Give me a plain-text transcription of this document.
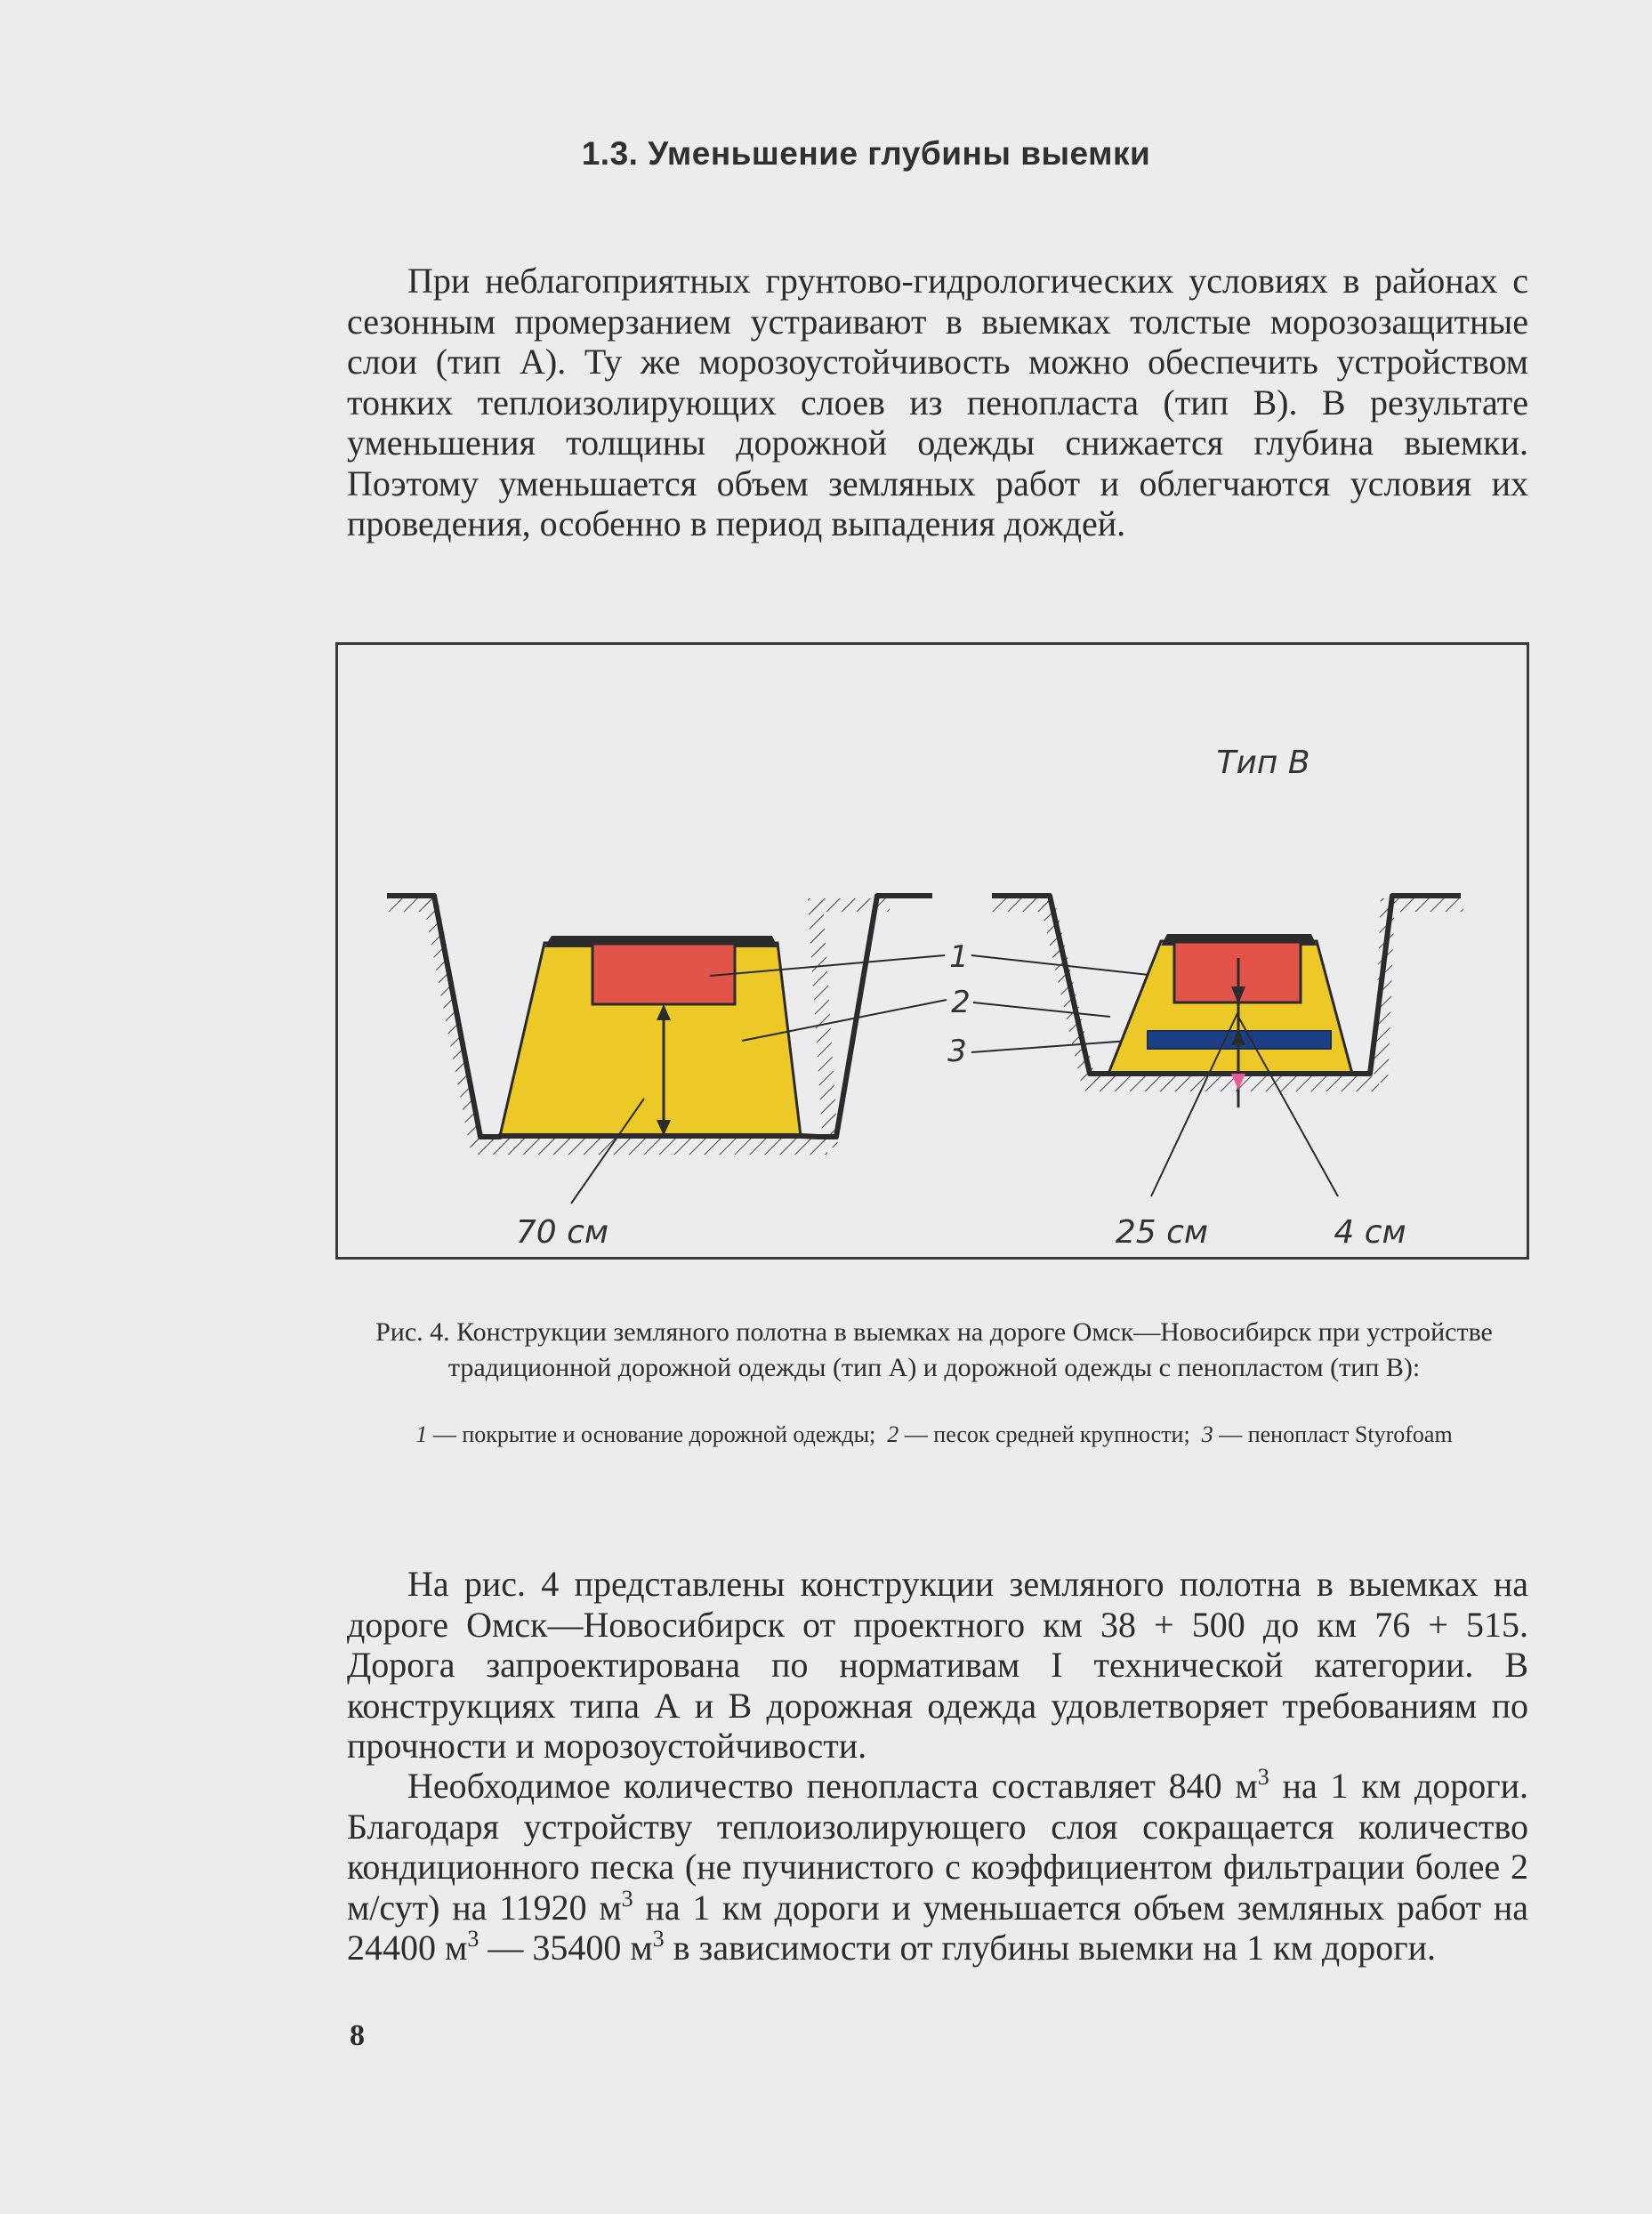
1.3. Уменьшение глубины выемки

При неблагоприятных грунтово-гидрологических условиях в районах с сезонным промерзанием устраивают в выемках толстые морозозащитные слои (тип А). Ту же морозоустойчивость можно обеспечить устройством тонких теплоизолирующих слоев из пенопласта (тип В). В результате уменьшения толщины дорожной одежды снижается глубина выемки. Поэтому уменьшается объем земляных работ и облегчаются условия их проведения, особенно в период выпадения дождей.

70 см
1
2
3
Тип В
25 см	4 см

Рис. 4. Конструкции земляного полотна в выемках на дороге Омск—Новосибирск при устройстве традиционной дорожной одежды (тип А) и дорожной одежды с пенопластом (тип В):

1 — покрытие и основание дорожной одежды; 2 — песок средней крупности; 3 — пенопласт Styrofoam

На рис. 4 представлены конструкции земляного полотна в выемках на дороге Омск—Новосибирск от проектного км 38 + 500 до км 76 + 515. Дорога запроектирована по нормативам I технической категории. В конструкциях типа А и В дорожная одежда удовлетворяет требованиям по прочности и морозоустойчивости.

Необходимое количество пенопласта составляет 840 $м^3$ на 1 км дороги. Благодаря устройству теплоизолирующего слоя сокращается количество кондиционного песка (не пучинистого с коэффициентом фильтрации более 2 м/сут) на 11920 $м^3$ на 1 км дороги и уменьшается объем земляных работ на 24400 $м^3$ — 35400 $м^3$ в зависимости от глубины выемки на 1 км дороги.

8
